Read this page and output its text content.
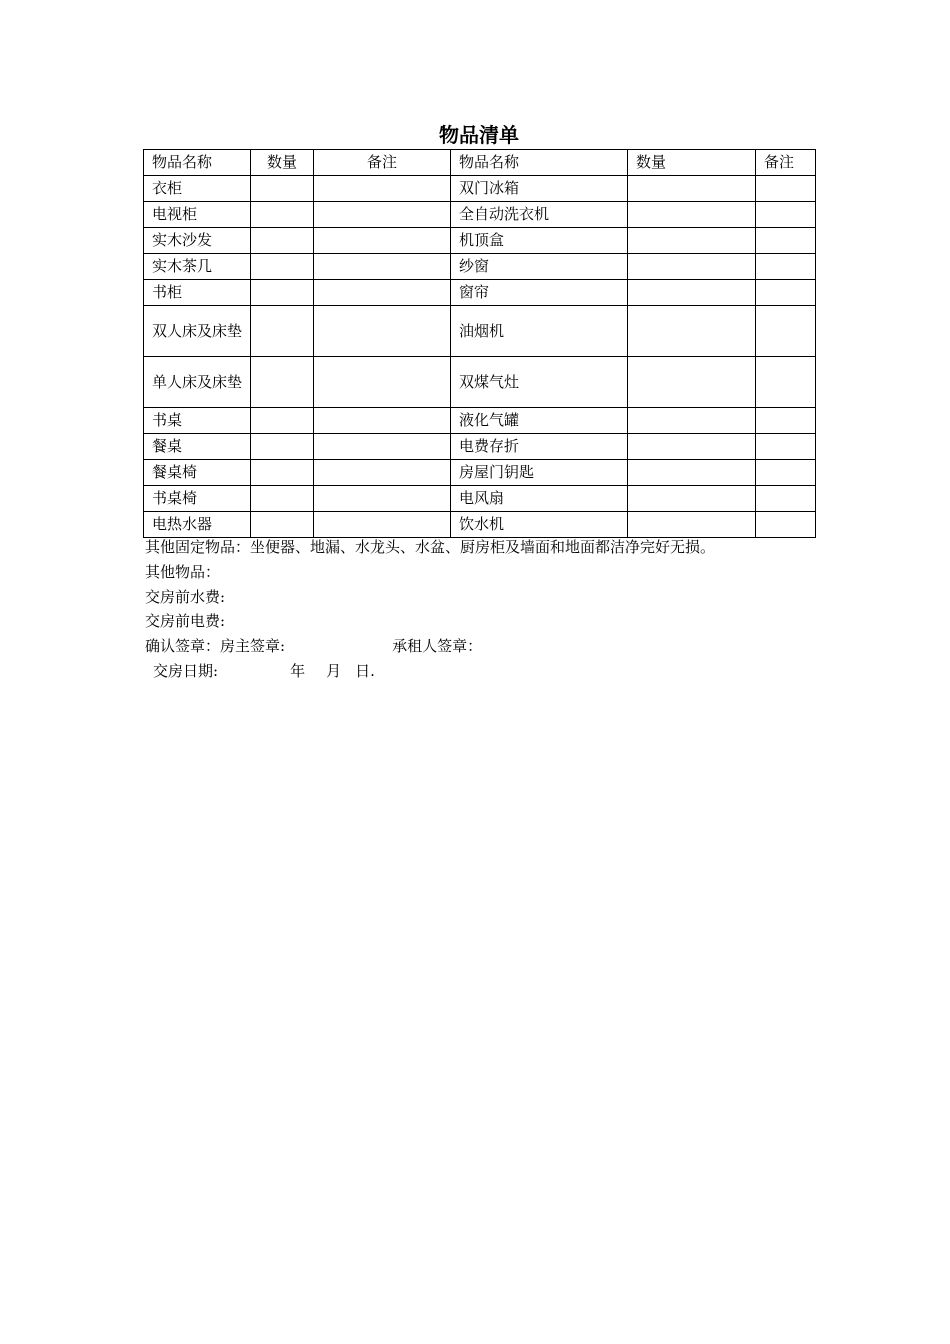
物品清单
物品名称	数量	备注	物品名称	数量	备注
衣柜			双门冰箱		
电视柜			全自动洗衣机		
实木沙发			机顶盒		
实木茶几			纱窗		
书柜			窗帘		
双人床及床垫			油烟机		
单人床及床垫			双煤气灶		
书桌			液化气罐		
餐桌			电费存折		
餐桌椅			房屋门钥匙		
书桌椅			电风扇		
电热水器			饮水机		
其他固定物品：坐便器、地漏、水龙头、水盆、厨房柜及墙面和地面都洁净完好无损。
其他物品：
交房前水费:
交房前电费:
确认签章：房主签章:	承租人签章：
交房日期:	年 月 日.
